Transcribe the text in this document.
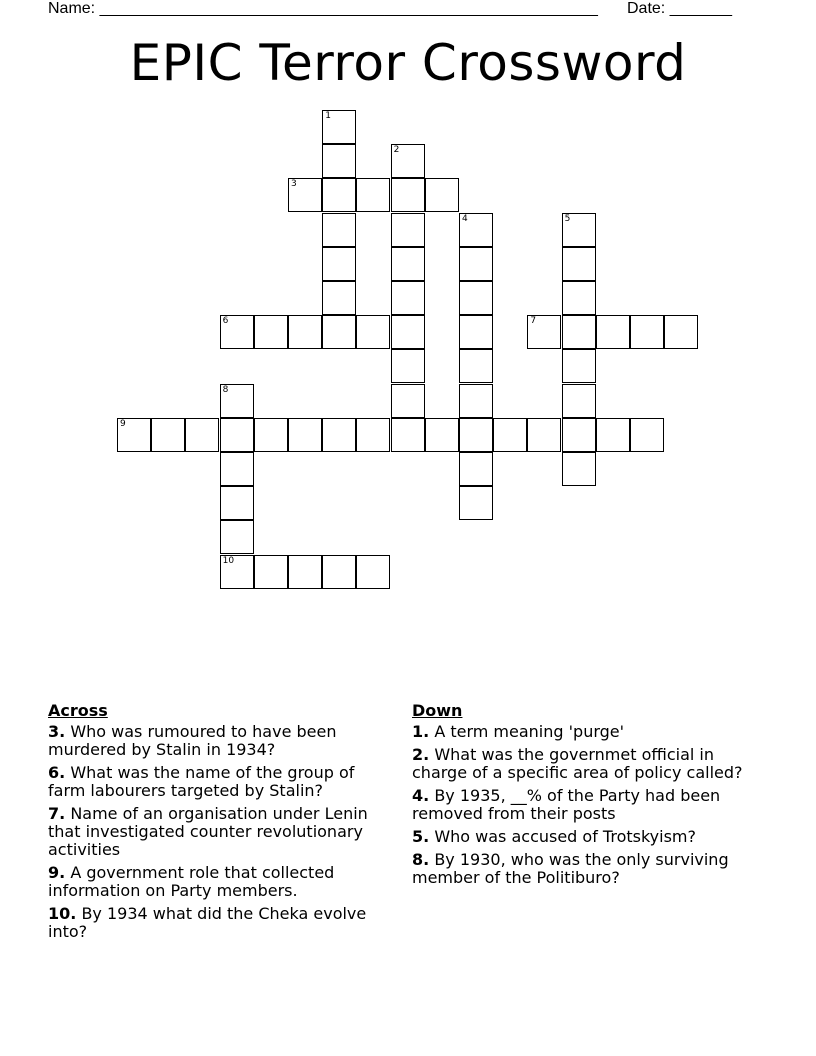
Name: ________________________________________________________ Date: _______
EPIC Terror Crossword
1
2
3
4	5
6	7
8
9
10
Across
3. Who was rumoured to have been murdered by Stalin in 1934?
6. What was the name of the group of farm labourers targeted by Stalin?
7. Name of an organisation under Lenin that investigated counter revolutionary activities
9. A government role that collected information on Party members.
10. By 1934 what did the Cheka evolve into?
Down
1. A term meaning 'purge'
2. What was the governmet official in charge of a specific area of policy called?
4. By 1935, __% of the Party had been removed from their posts
5. Who was accused of Trotskyism?
8. By 1930, who was the only surviving member of the Politiburo?
